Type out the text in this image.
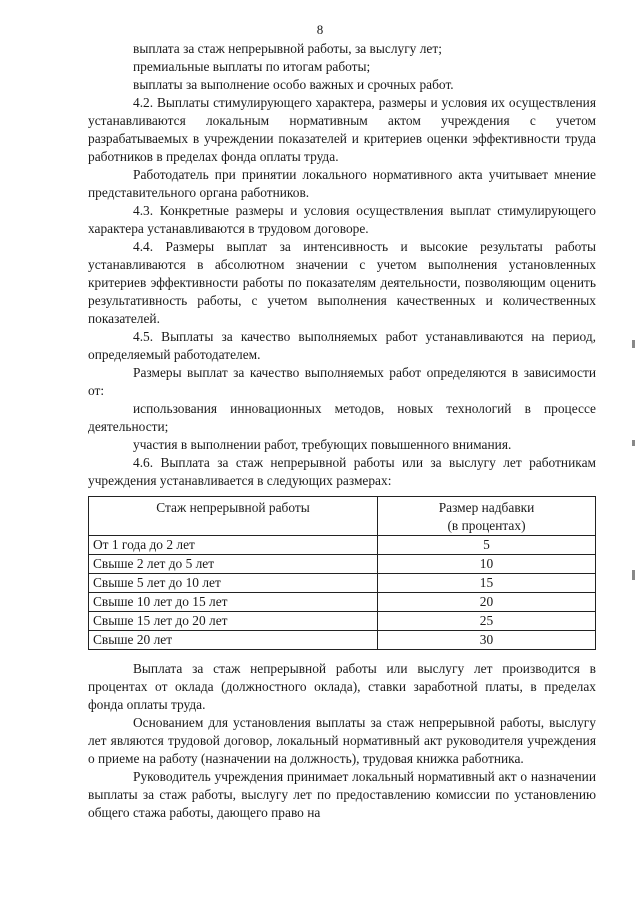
8

выплата за стаж непрерывной работы, за выслугу лет;

премиальные выплаты по итогам работы;

выплаты за выполнение особо важных и срочных работ.

4.2. Выплаты стимулирующего характера, размеры и условия их осуществления устанавливаются локальным нормативным актом учреждения с учетом разрабатываемых в учреждении показателей и критериев оценки эффективности труда работников в пределах фонда оплаты труда.

Работодатель при принятии локального нормативного акта учитывает мнение представительного органа работников.

4.3. Конкретные размеры и условия осуществления выплат стимулирующего характера устанавливаются в трудовом договоре.

4.4. Размеры выплат за интенсивность и высокие результаты работы устанавливаются в абсолютном значении с учетом выполнения установленных критериев эффективности работы по показателям деятельности, позволяющим оценить результативность работы, с учетом выполнения качественных и количественных показателей.

4.5. Выплаты за качество выполняемых работ устанавливаются на период, определяемый работодателем.

Размеры выплат за качество выполняемых работ определяются в зависимости от:

использования инновационных методов, новых технологий в процессе деятельности;

участия в выполнении работ, требующих повышенного внимания.

4.6. Выплата за стаж непрерывной работы или за выслугу лет работникам учреждения устанавливается в следующих размерах:

Стаж непрерывной работы	Размер надбавки
(в процентах)
От 1 года до 2 лет	5
Свыше 2 лет до 5 лет	10
Свыше 5 лет до 10 лет	15
Свыше 10 лет до 15 лет	20
Свыше 15 лет до 20 лет	25
Свыше 20 лет	30

Выплата за стаж непрерывной работы или выслугу лет производится в процентах от оклада (должностного оклада), ставки заработной платы, в пределах фонда оплаты труда.

Основанием для установления выплаты за стаж непрерывной работы, выслугу лет являются трудовой договор, локальный нормативный акт руководителя учреждения о приеме на работу (назначении на должность), трудовая книжка работника.

Руководитель учреждения принимает локальный нормативный акт о назначении выплаты за стаж работы, выслугу лет по предоставлению комиссии по установлению общего стажа работы, дающего право на
